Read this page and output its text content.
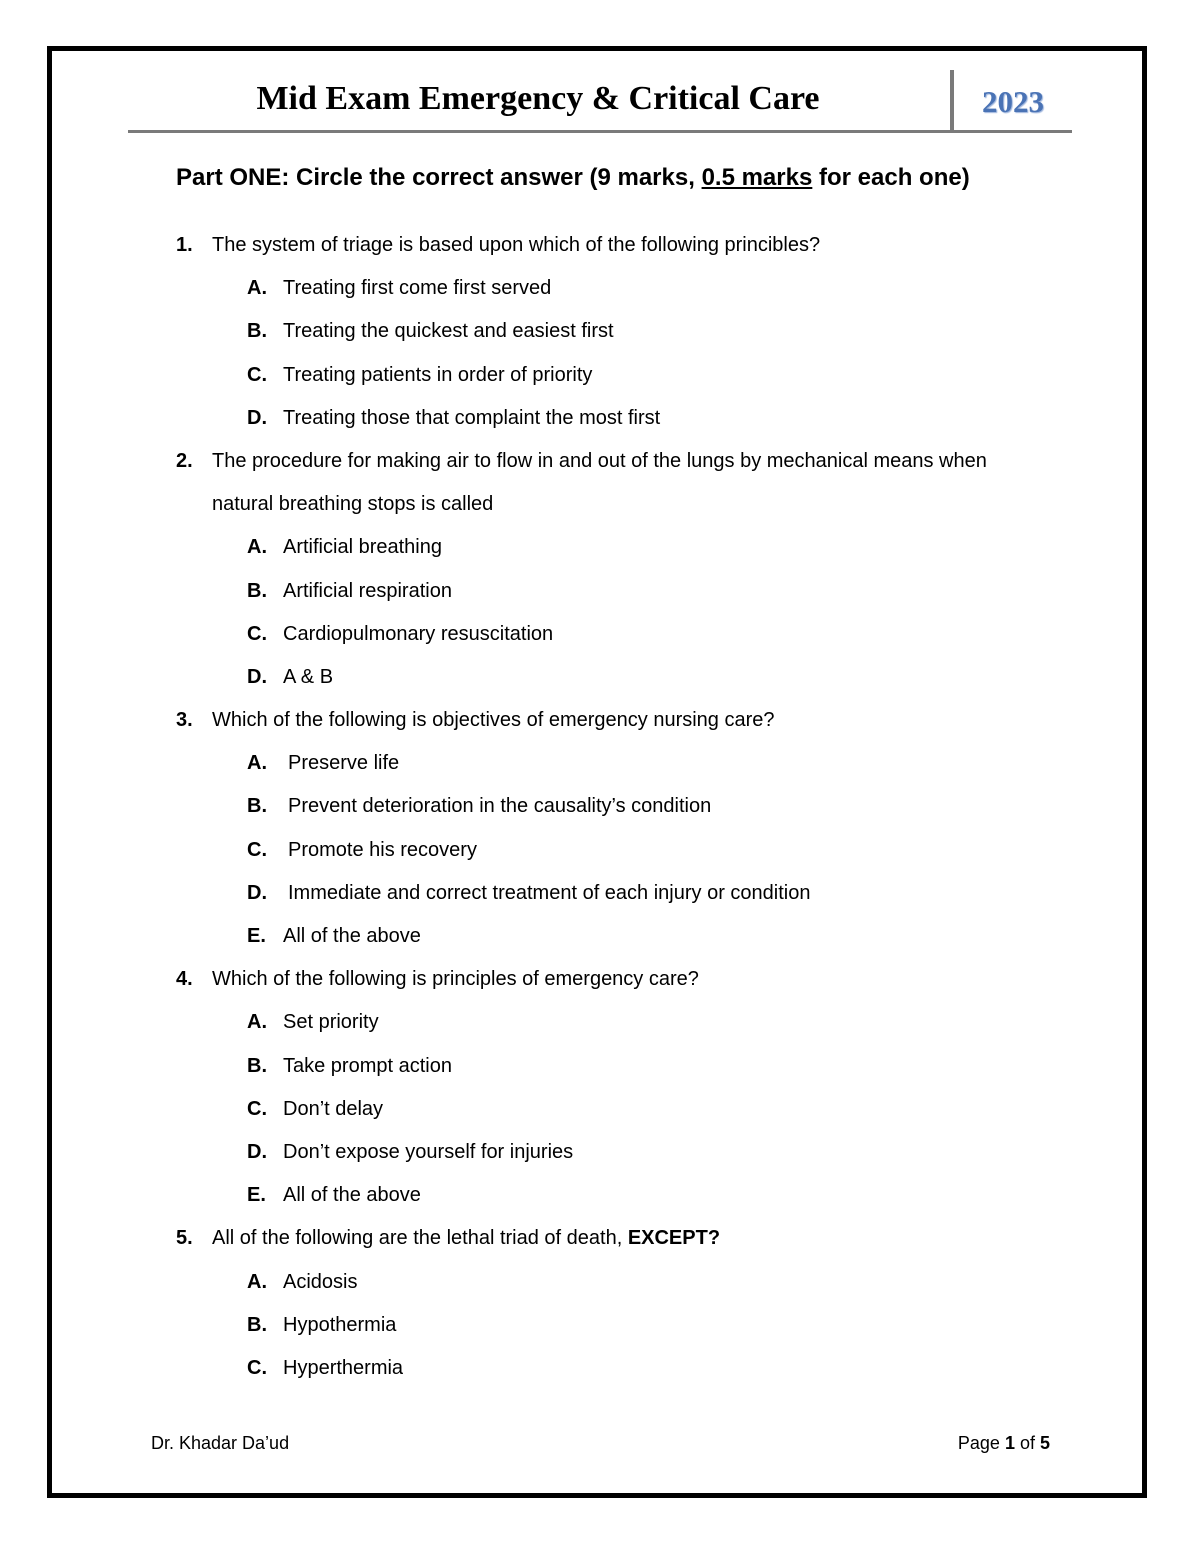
Mid Exam Emergency & Critical Care	2023
Part ONE: Circle the correct answer (9 marks, 0.5 marks for each one)
1. The system of triage is based upon which of the following princibles?
A. Treating first come first served
B. Treating the quickest and easiest first
C. Treating patients in order of priority
D. Treating those that complaint the most first
2. The procedure for making air to flow in and out of the lungs by mechanical means when
natural breathing stops is called
A. Artificial breathing
B. Artificial respiration
C. Cardiopulmonary resuscitation
D. A & B
3. Which of the following is objectives of emergency nursing care?
A. Preserve life
B. Prevent deterioration in the causality’s condition
C. Promote his recovery
D. Immediate and correct treatment of each injury or condition
E. All of the above
4. Which of the following is principles of emergency care?
A. Set priority
B. Take prompt action
C. Don’t delay
D. Don’t expose yourself for injuries
E. All of the above
5. All of the following are the lethal triad of death, EXCEPT?
A. Acidosis
B. Hypothermia
C. Hyperthermia
Dr. Khadar Da’ud	Page 1 of 5
